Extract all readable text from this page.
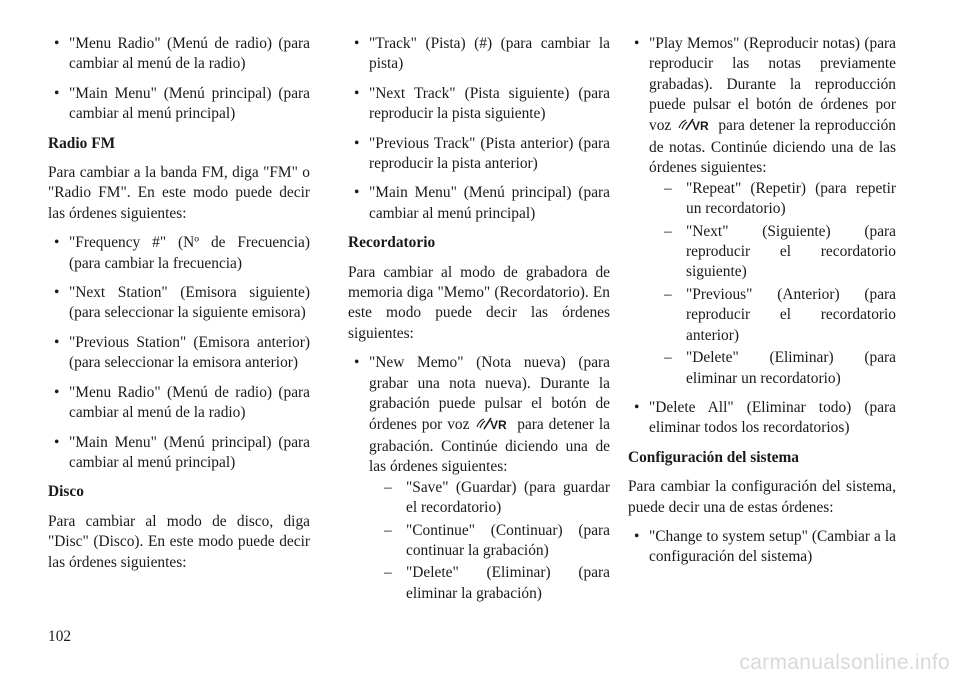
• "Menu Radio" (Menú de radio) (para cambiar al menú de la radio)
• "Main Menu" (Menú principal) (para cambiar al menú principal)
Radio FM
Para cambiar a la banda FM, diga "FM" o "Radio FM". En este modo puede decir las órdenes siguientes:
• "Frequency #" (Nº de Frecuencia) (para cambiar la frecuencia)
• "Next Station" (Emisora siguiente) (para seleccionar la siguiente emisora)
• "Previous Station" (Emisora anterior) (para seleccionar la emisora anterior)
• "Menu Radio" (Menú de radio) (para cambiar al menú de la radio)
• "Main Menu" (Menú principal) (para cambiar al menú principal)
Disco
Para cambiar al modo de disco, diga "Disc" (Disco). En este modo puede decir las órdenes siguientes:
• "Track" (Pista) (#) (para cambiar la pista)
• "Next Track" (Pista siguiente) (para reproducir la pista siguiente)
• "Previous Track" (Pista anterior) (para reproducir la pista anterior)
• "Main Menu" (Menú principal) (para cambiar al menú principal)
Recordatorio
Para cambiar al modo de grabadora de memoria diga "Memo" (Recordatorio). En este modo puede decir las órdenes siguientes:
• "New Memo" (Nota nueva) (para grabar una nota nueva). Durante la grabación puede pulsar el botón de órdenes por voz VR para detener la grabación. Continúe diciendo una de las órdenes siguientes:
– "Save" (Guardar) (para guardar el recordatorio)
– "Continue" (Continuar) (para continuar la grabación)
– "Delete" (Eliminar) (para eliminar la grabación)
• "Play Memos" (Reproducir notas) (para reproducir las notas previamente grabadas). Durante la reproducción puede pulsar el botón de órdenes por voz VR para detener la reproducción de notas. Continúe diciendo una de las órdenes siguientes:
– "Repeat" (Repetir) (para repetir un recordatorio)
– "Next" (Siguiente) (para reproducir el recordatorio siguiente)
– "Previous" (Anterior) (para reproducir el recordatorio anterior)
– "Delete" (Eliminar) (para eliminar un recordatorio)
• "Delete All" (Eliminar todo) (para eliminar todos los recordatorios)
Configuración del sistema
Para cambiar la configuración del sistema, puede decir una de estas órdenes:
• "Change to system setup" (Cambiar a la configuración del sistema)
102
carmanualsonline.info
